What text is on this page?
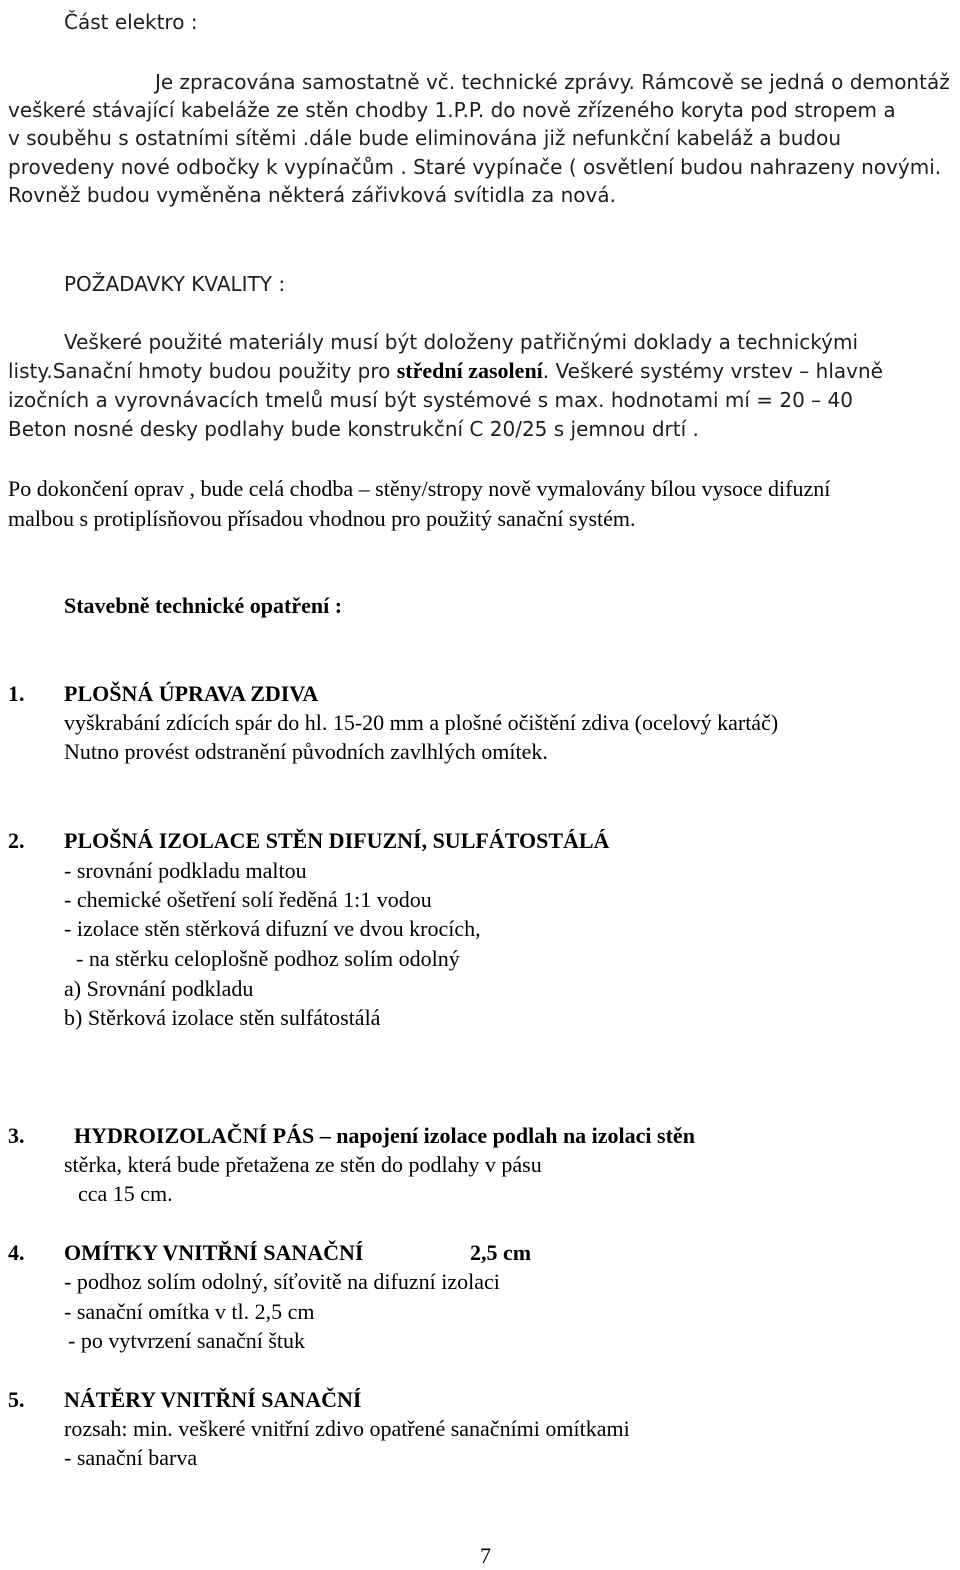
Část elektro :
Je zpracována samostatně vč. technické zprávy. Rámcově se jedná o demontáž
veškeré stávající kabeláže ze stěn chodby 1.P.P. do nově zřízeného koryta pod stropem a
v souběhu s ostatními sítěmi .dále bude eliminována již nefunkční kabeláž a budou
provedeny nové odbočky k vypínačům . Staré vypínače ( osvětlení budou nahrazeny novými.
Rovněž budou vyměněna některá zářivková svítidla za nová.
POŽADAVKY KVALITY :
Veškeré použité materiály musí být doloženy patřičnými doklady a technickými
listy.Sanační hmoty budou použity pro střední zasolení. Veškeré systémy vrstev – hlavně
izočních a vyrovnávacích tmelů musí být systémové s max. hodnotami mí = 20 – 40
Beton nosné desky podlahy bude konstrukční C 20/25 s jemnou drtí .
Po dokončení oprav , bude celá chodba – stěny/stropy nově vymalovány bílou vysoce difuzní
malbou s protiplísňovou přísadou vhodnou pro použitý sanační systém.
Stavebně technické opatření :
1. PLOŠNÁ ÚPRAVA ZDIVA
vyškrabání zdících spár do hl. 15-20 mm a plošné očištění zdiva (ocelový kartáč)
Nutno provést odstranění původních zavlhlých omítek.
2. PLOŠNÁ IZOLACE STĚN DIFUZNÍ, SULFÁTOSTÁLÁ
- srovnání podkladu maltou
- chemické ošetření solí ředěná 1:1 vodou
- izolace stěn stěrková difuzní ve dvou krocích,
- na stěrku celoplošně podhoz solím odolný
a) Srovnání podkladu
b) Stěrková izolace stěn sulfátostálá
3. HYDROIZOLAČNÍ PÁS – napojení izolace podlah na izolaci stěn
stěrka, která bude přetažena ze stěn do podlahy v pásu
cca 15 cm.
4. OMÍTKY VNITŘNÍ SANAČNÍ	2,5 cm
- podhoz solím odolný, síťovitě na difuzní izolaci
- sanační omítka v tl. 2,5 cm
- po vytvrzení sanační štuk
5. NÁTĚRY VNITŘNÍ SANAČNÍ
rozsah: min. veškeré vnitřní zdivo opatřené sanačními omítkami
- sanační barva
7
